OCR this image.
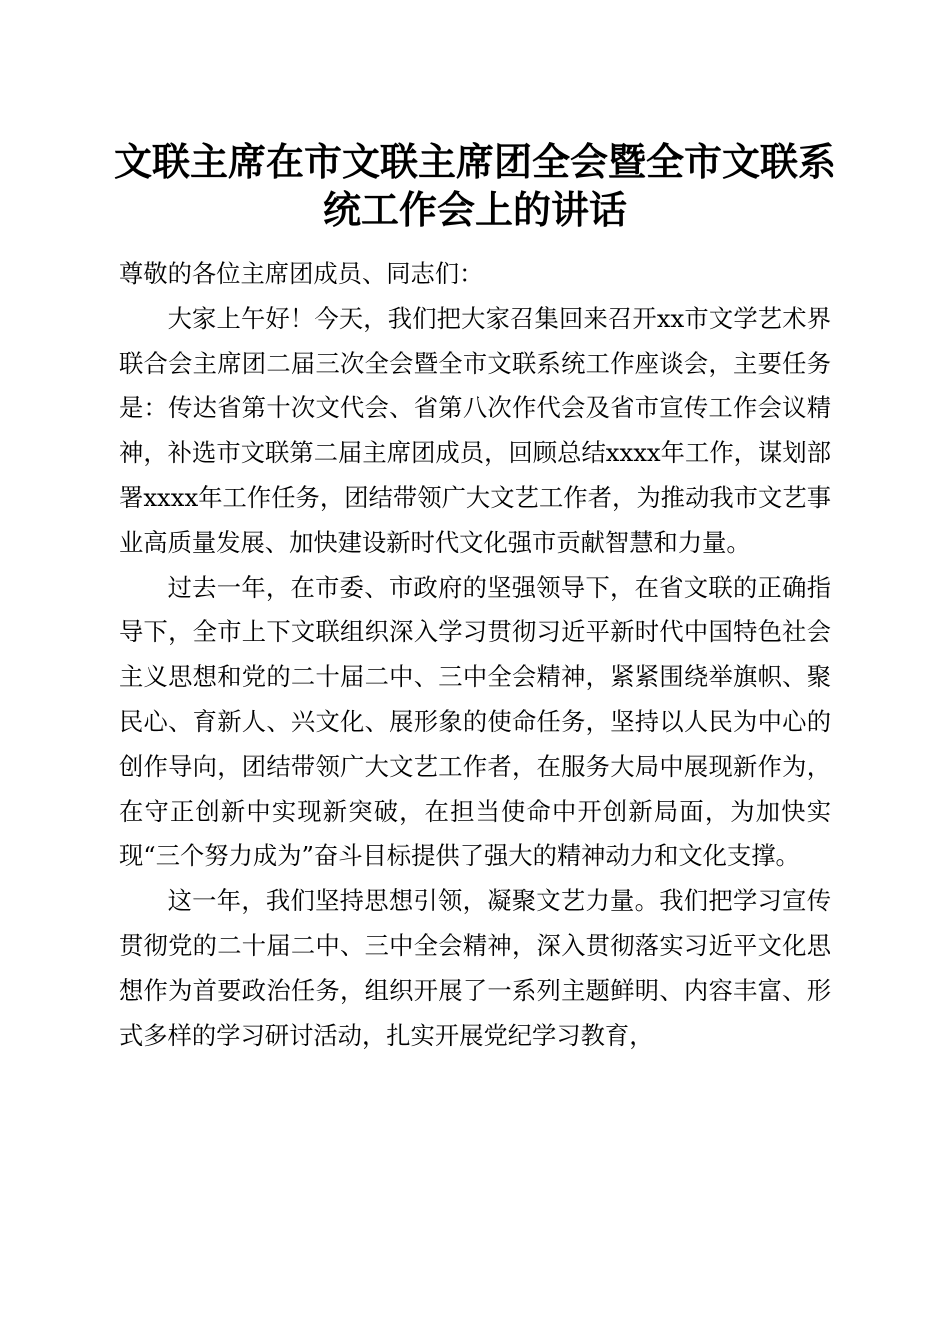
文联主席在市文联主席团全会暨全市文联系统工作会上的讲话

尊敬的各位主席团成员、同志们：

大家上午好！今天，我们把大家召集回来召开xx市文学艺术界联合会主席团二届三次全会暨全市文联系统工作座谈会，主要任务是：传达省第十次文代会、省第八次作代会及省市宣传工作会议精神，补选市文联第二届主席团成员，回顾总结xxxx年工作，谋划部署xxxx年工作任务，团结带领广大文艺工作者，为推动我市文艺事业高质量发展、加快建设新时代文化强市贡献智慧和力量。

过去一年，在市委、市政府的坚强领导下，在省文联的正确指导下，全市上下文联组织深入学习贯彻习近平新时代中国特色社会主义思想和党的二十届二中、三中全会精神，紧紧围绕举旗帜、聚民心、育新人、兴文化、展形象的使命任务，坚持以人民为中心的创作导向，团结带领广大文艺工作者，在服务大局中展现新作为，在守正创新中实现新突破，在担当使命中开创新局面，为加快实现“三个努力成为”奋斗目标提供了强大的精神动力和文化支撑。

这一年，我们坚持思想引领，凝聚文艺力量。我们把学习宣传贯彻党的二十届二中、三中全会精神，深入贯彻落实习近平文化思想作为首要政治任务，组织开展了一系列主题鲜明、内容丰富、形式多样的学习研讨活动，扎实开展党纪学习教育，
